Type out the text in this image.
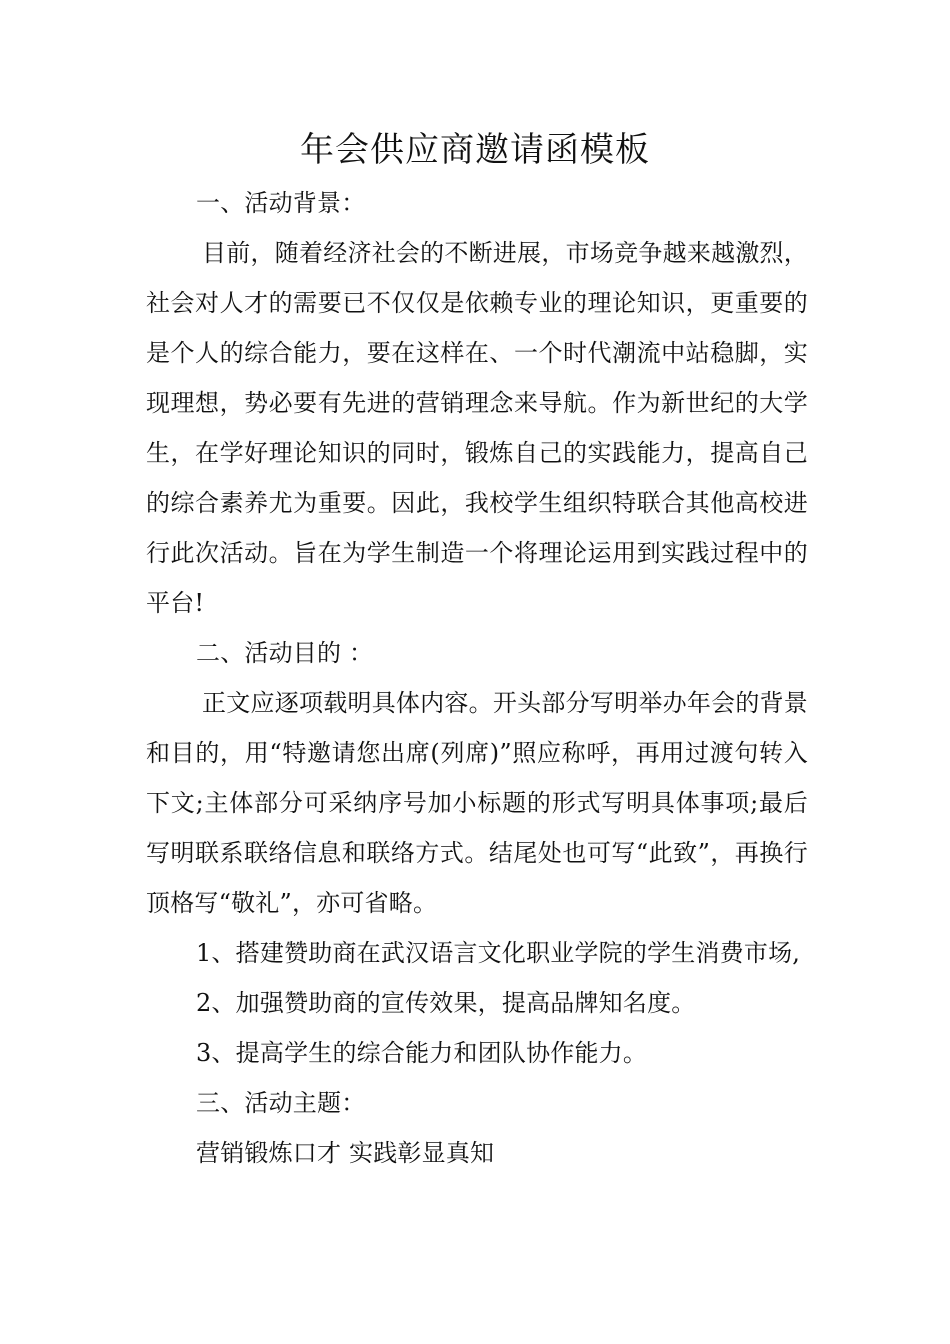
年会供应商邀请函模板

一、活动背景：

目前，随着经济社会的不断进展，市场竞争越来越激烈，社会对人才的需要已不仅仅是依赖专业的理论知识，更重要的是个人的综合能力，要在这样在、一个时代潮流中站稳脚，实现理想，势必要有先进的营销理念来导航。作为新世纪的大学生，在学好理论知识的同时，锻炼自己的实践能力，提高自己的综合素养尤为重要。因此，我校学生组织特联合其他高校进行此次活动。旨在为学生制造一个将理论运用到实践过程中的平台!

二、活动目的 ：

正文应逐项载明具体内容。开头部分写明举办年会的背景和目的，用“特邀请您出席(列席)”照应称呼，再用过渡句转入下文;主体部分可采纳序号加小标题的形式写明具体事项;最后写明联系联络信息和联络方式。结尾处也可写“此致”，再换行顶格写“敬礼”，亦可省略。

1、搭建赞助商在武汉语言文化职业学院的学生消费市场,

2、加强赞助商的宣传效果，提高品牌知名度。

3、提高学生的综合能力和团队协作能力。

三、活动主题：

营销锻炼口才 实践彰显真知
